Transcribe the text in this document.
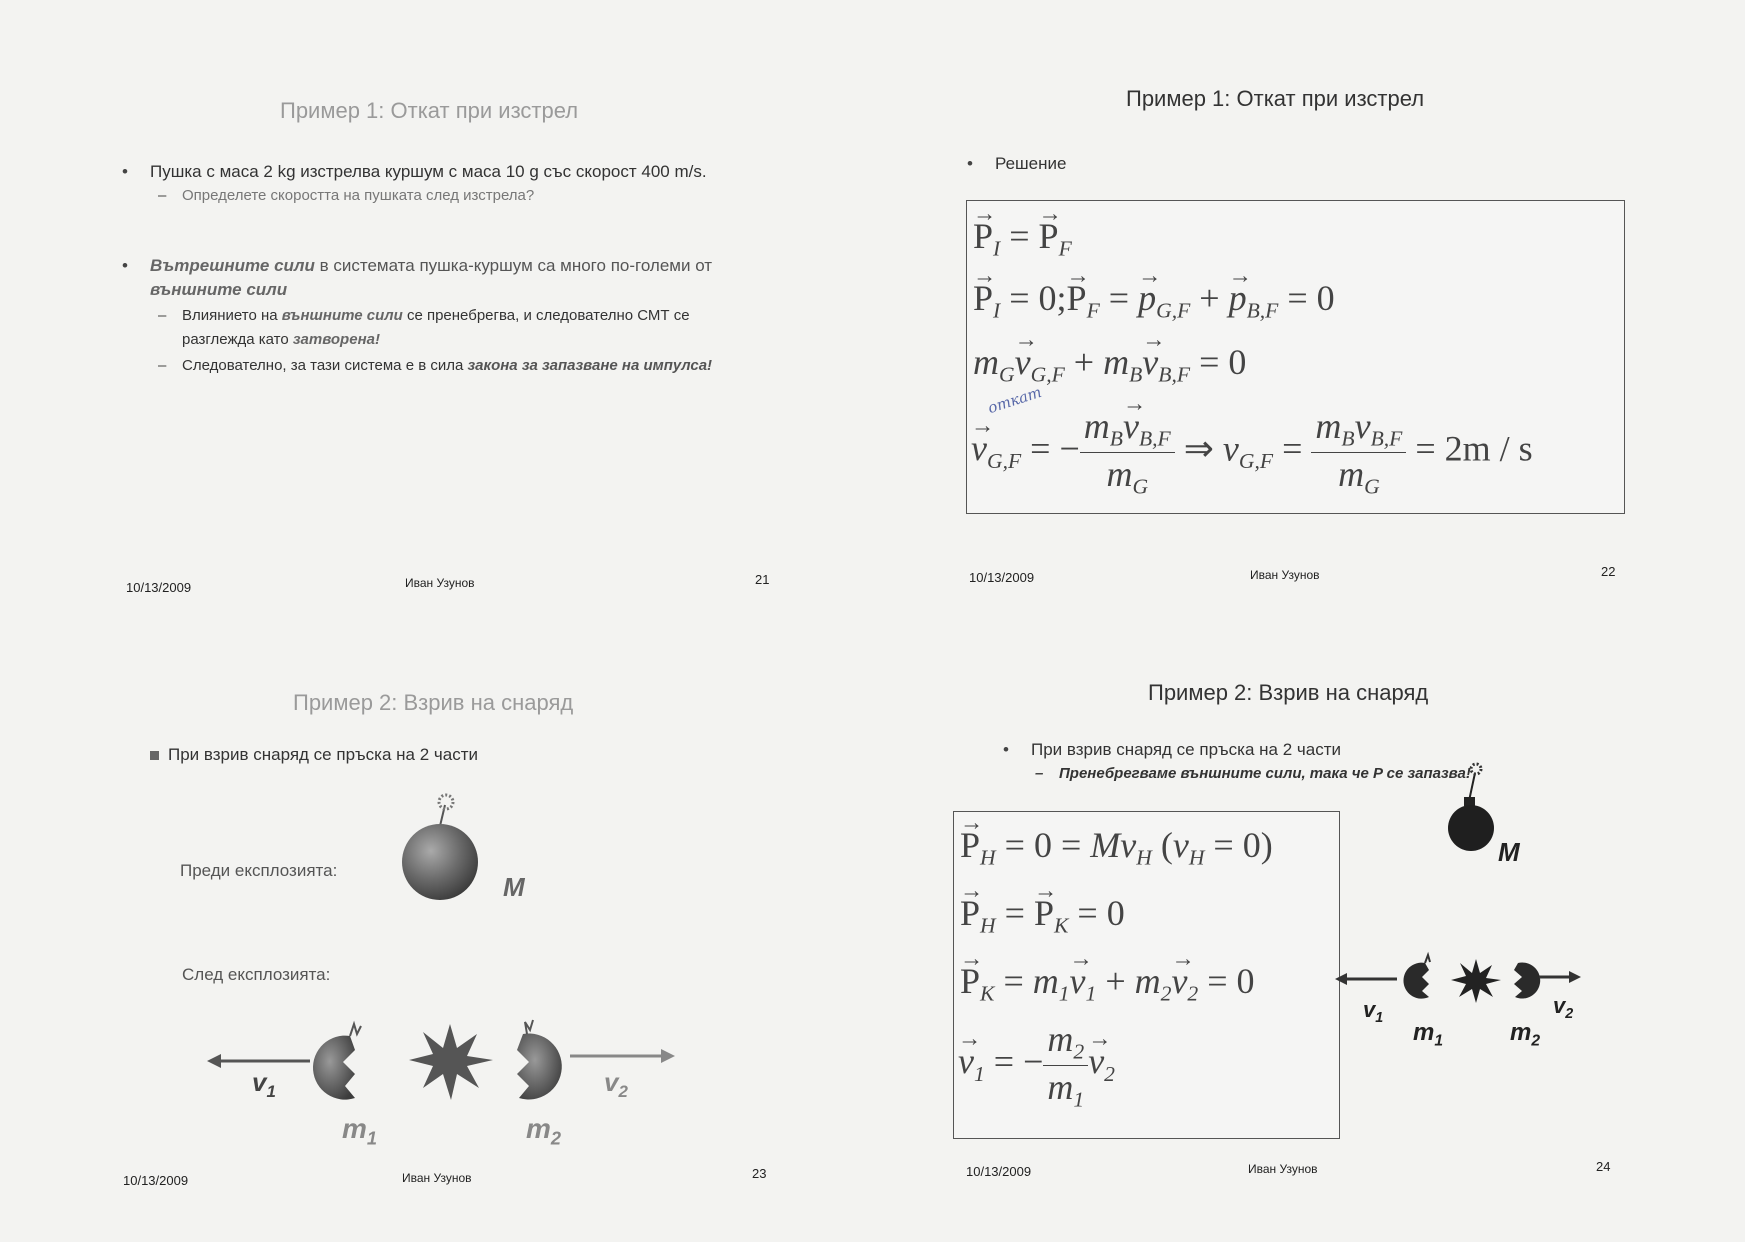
Пример 1: Откат при изстрел

• Пушка с маса 2 kg изстрелва куршум с маса 10 g със скорост 400 m/s.

– Определете скоростта на пушката след изстрела?

• Вътрешните сили в системата пушка-куршум са много по-големи от външните сили

– Влиянието на външните сили се пренебрегва, и следователно СМТ се разглежда като затворена!

– Следователно, за тази система е в сила закона за запазване на импулса!

10/13/2009	Иван Узунов	21
Пример 1: Откат при изстрел

• Решение

→ $P_I$ = → $P_F$
→ $P_I$ = 0;→ $P_F$ = → $p_{G,F}$ + → $p_{B,F} = 0$
$m_G\to v_{G,F} + m_B\to v_{B,F} = 0$
→ $v_{G,F}$ = − $\frac{m_B\to v_{B,F}}{m_G}$ ⇒ $v_{G,F} = \frac{m_Bv_{B,F}}{m_G} = 2m / s$
откат
10/13/2009	Иван Узунов	22
Пример 2: Взрив на снаряд

При взрив снаряд се пръска на 2 части

Преди експлозията:
След експлозията:
M
$v_1$	$v_2$
$m_1$	$m_2$
10/13/2009	Иван Узунов	23
Пример 2: Взрив на снаряд

• При взрив снаряд се пръска на 2 части

– Пренебрегваме външните сили, така че P се запазва!

→ $P_H = 0 = Mv_H$ $(v_H = 0)$
→ $P_H$ = → $P_K = 0$
→ $P_K = m_1\to v_1 + m_2\to v_2 = 0$
→ $v_1$ = − $\frac{m_2}{m_1}$
→ $v_2$
M
$v_1$	$v_2$
$m_1$	$m_2$
10/13/2009	Иван Узунов	24
